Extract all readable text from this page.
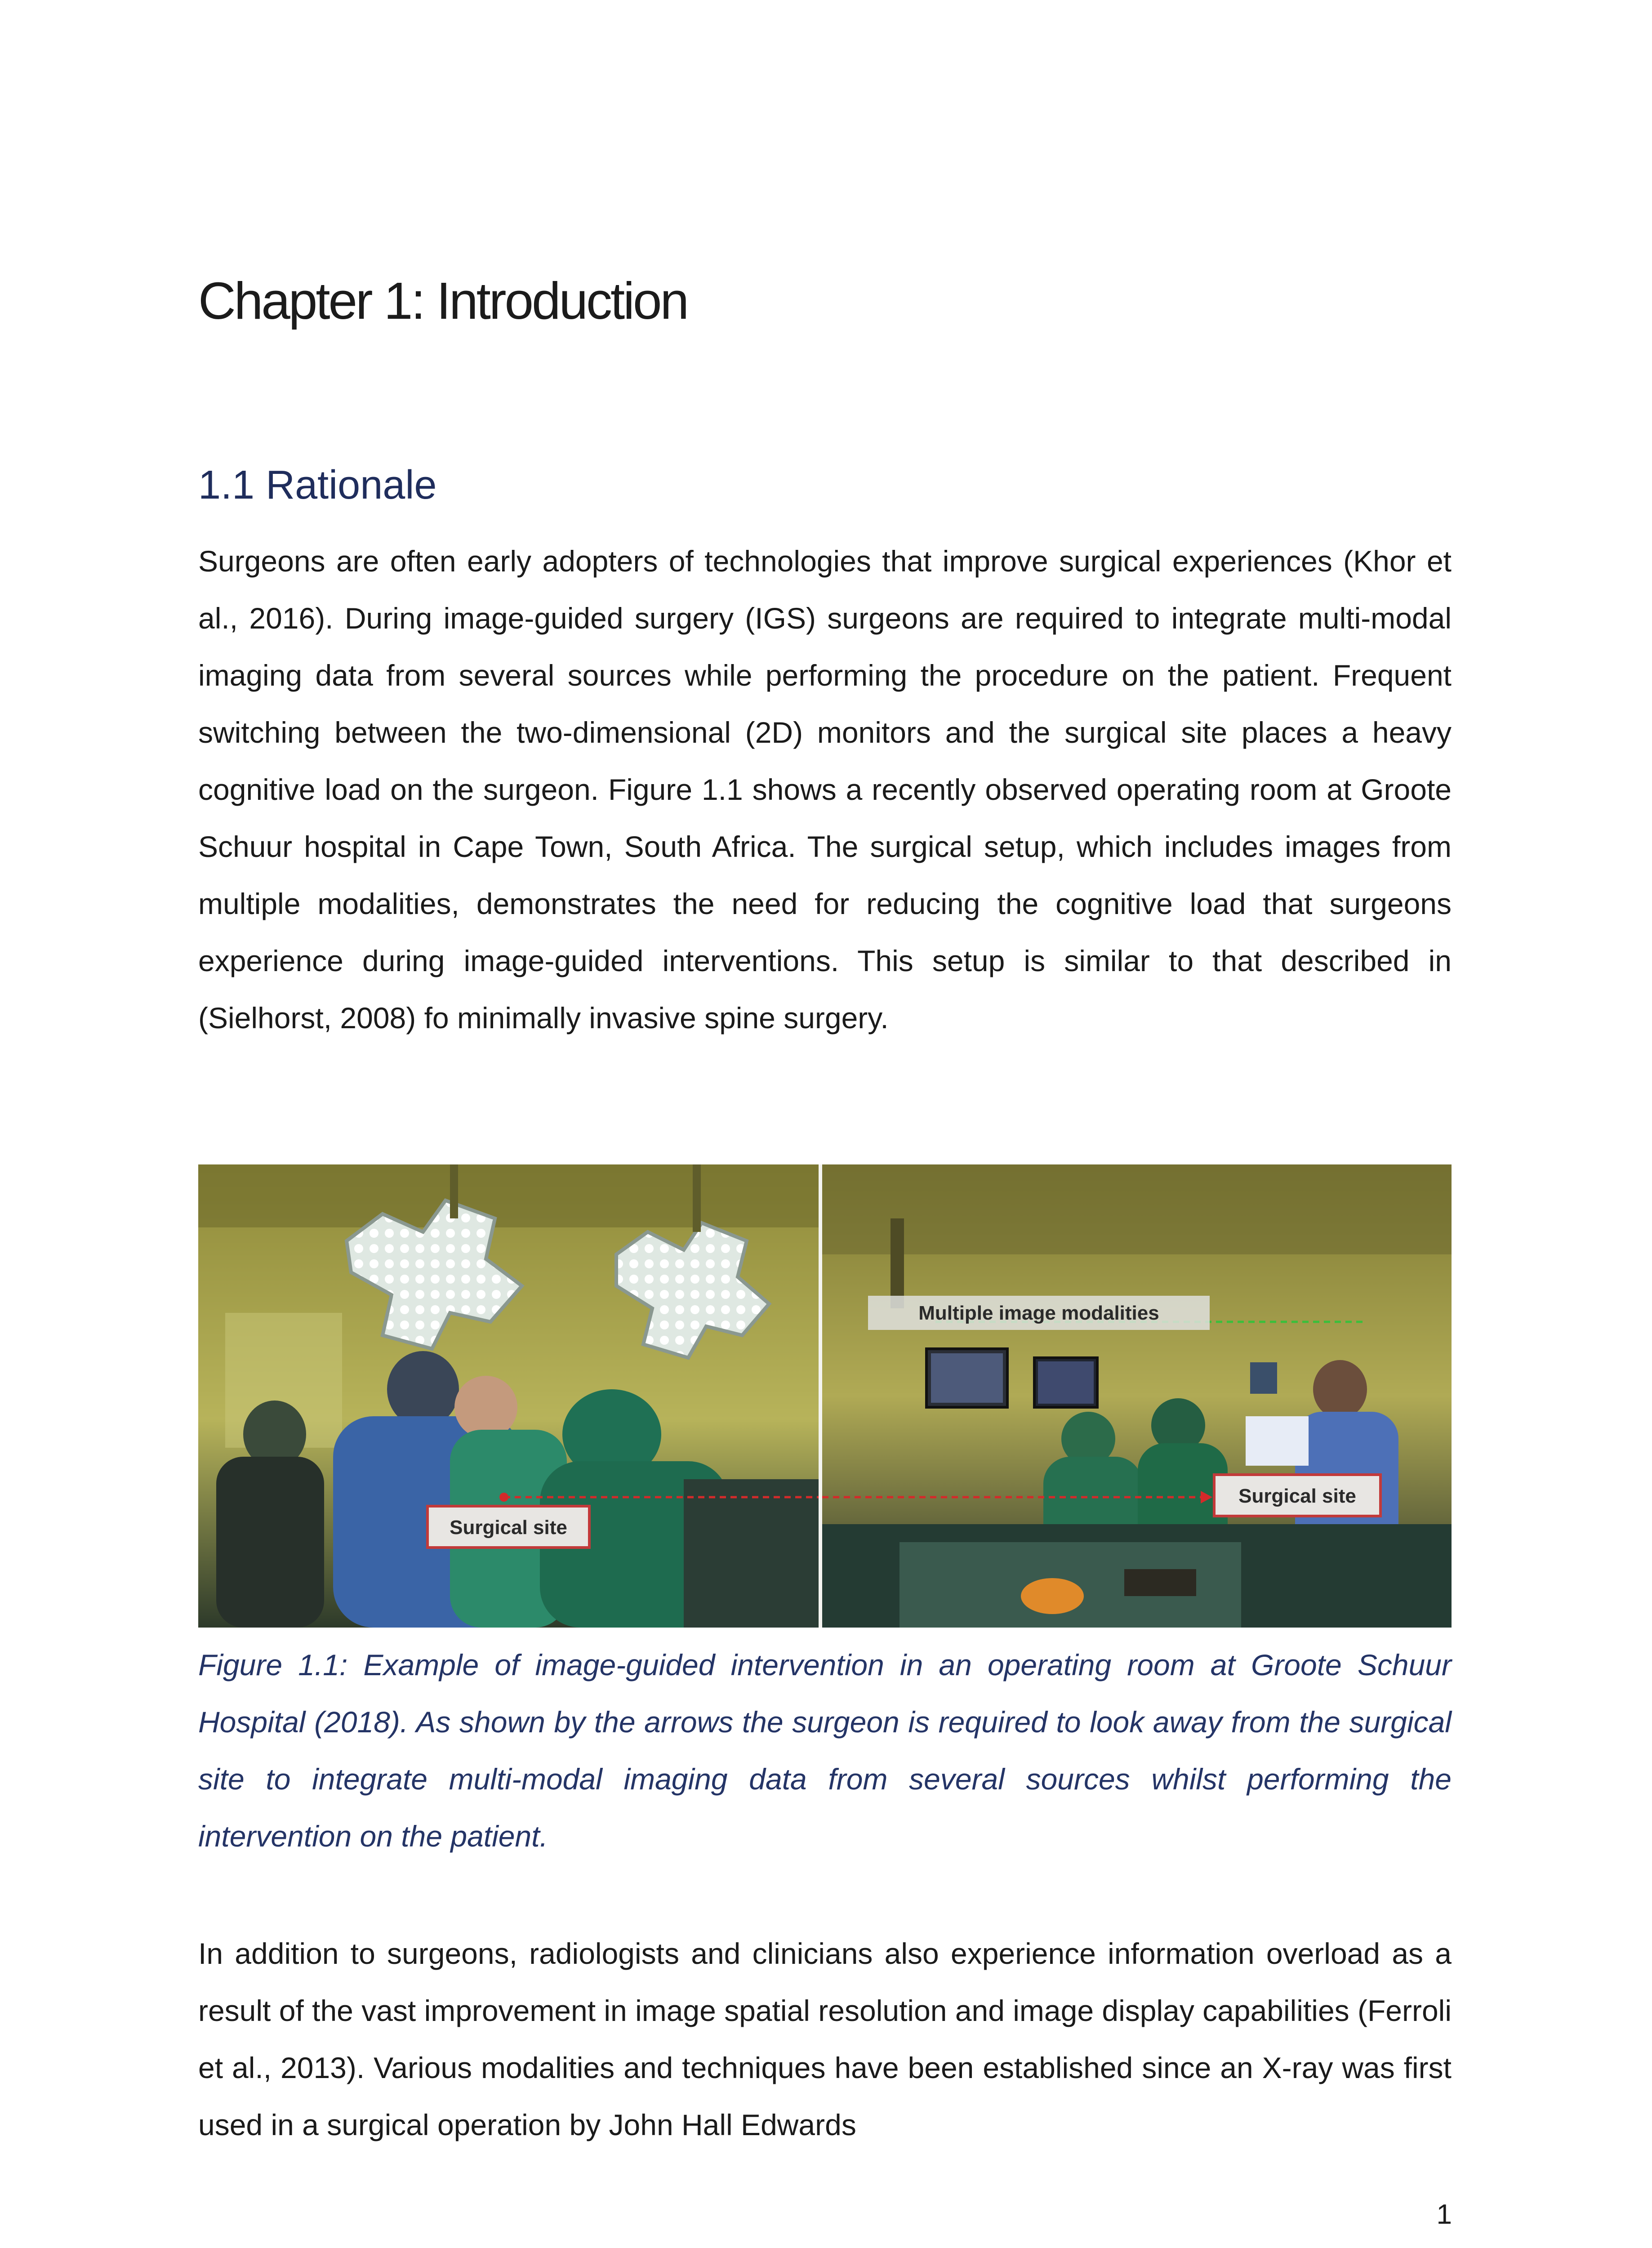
Chapter 1: Introduction
1.1 Rationale

Surgeons are often early adopters of technologies that improve surgical experiences (Khor et al., 2016). During image-guided surgery (IGS) surgeons are required to integrate multi-modal imaging data from several sources while performing the procedure on the patient. Frequent switching between the two-dimensional (2D) monitors and the surgical site places a heavy cognitive load on the surgeon. Figure 1.1 shows a recently observed operating room at Groote Schuur hospital in Cape Town, South Africa. The surgical setup, which includes images from multiple modalities, demonstrates the need for reducing the cognitive load that surgeons experience during image-guided interventions. This setup is similar to that described in (Sielhorst, 2008) fo minimally invasive spine surgery.

Surgical site
Multiple image modalities
Surgical site

Figure 1.1: Example of image-guided intervention in an operating room at Groote Schuur Hospital (2018). As shown by the arrows the surgeon is required to look away from the surgical site to integrate multi-modal imaging data from several sources whilst performing the intervention on the patient.

In addition to surgeons, radiologists and clinicians also experience information overload as a result of the vast improvement in image spatial resolution and image display capabilities (Ferroli et al., 2013). Various modalities and techniques have been established since an X-ray was first used in a surgical operation by John Hall Edwards

1
